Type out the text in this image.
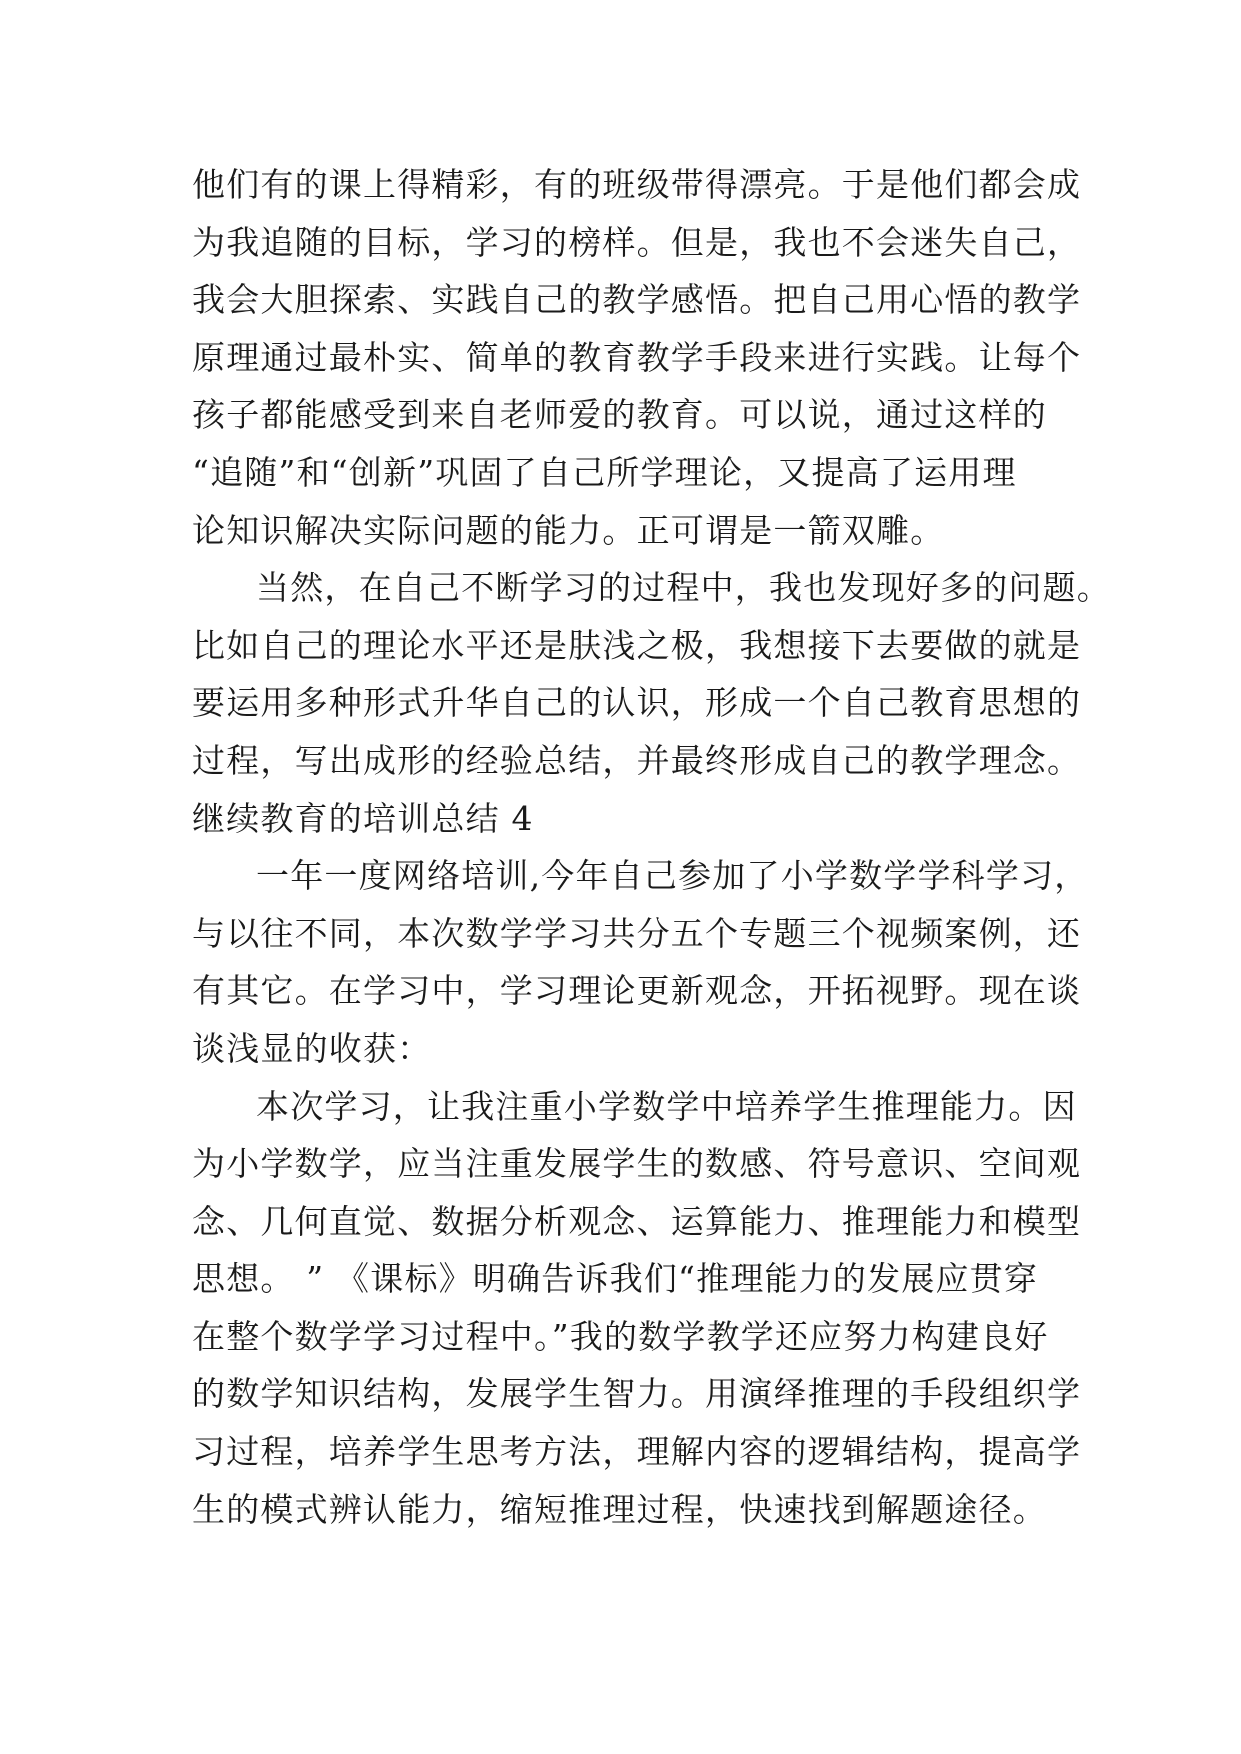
他们有的课上得精彩，有的班级带得漂亮。于是他们都会成
为我追随的目标，学习的榜样。但是，我也不会迷失自己，
我会大胆探索、实践自己的教学感悟。把自己用心悟的教学
原理通过最朴实、简单的教育教学手段来进行实践。让每个
孩子都能感受到来自老师爱的教育。可以说，通过这样的
“追随”和“创新”巩固了自己所学理论，又提高了运用理
论知识解决实际问题的能力。正可谓是一箭双雕。
当然，在自己不断学习的过程中，我也发现好多的问题。
比如自己的理论水平还是肤浅之极，我想接下去要做的就是
要运用多种形式升华自己的认识，形成一个自己教育思想的
过程，写出成形的经验总结，并最终形成自己的教学理念。
继续教育的培训总结 4
一年一度网络培训,今年自己参加了小学数学学科学习，
与以往不同，本次数学学习共分五个专题三个视频案例，还
有其它。在学习中，学习理论更新观念，开拓视野。现在谈
谈浅显的收获：
本次学习，让我注重小学数学中培养学生推理能力。因
为小学数学，应当注重发展学生的数感、符号意识、空间观
念、几何直觉、数据分析观念、运算能力、推理能力和模型
思想。 ” 《课标》明确告诉我们“推理能力的发展应贯穿
在整个数学学习过程中。”我的数学教学还应努力构建良好
的数学知识结构，发展学生智力。用演绎推理的手段组织学
习过程，培养学生思考方法，理解内容的逻辑结构，提高学
生的模式辨认能力，缩短推理过程，快速找到解题途径。
